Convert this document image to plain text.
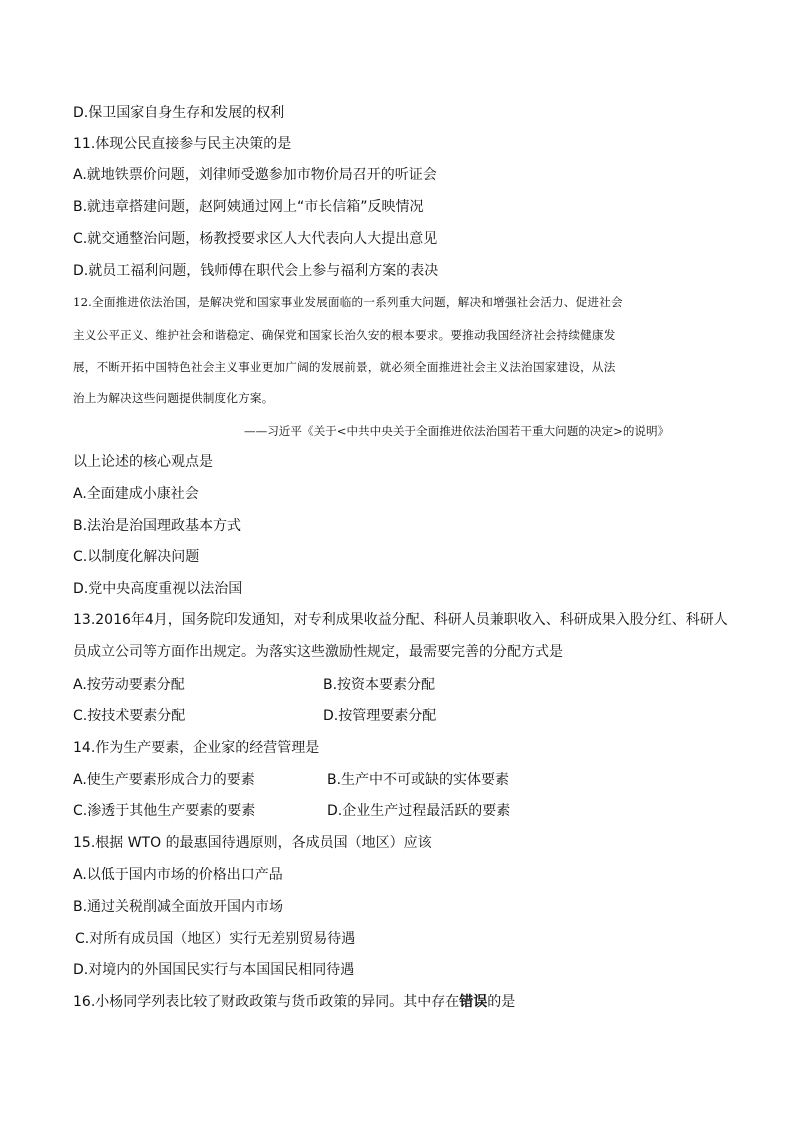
D.保卫国家自身生存和发展的权利
11.体现公民直接参与民主决策的是
A.就地铁票价问题，刘律师受邀参加市物价局召开的听证会
B.就违章搭建问题，赵阿姨通过网上“市长信箱”反映情况
C.就交通整治问题，杨教授要求区人大代表向人大提出意见
D.就员工福利问题，钱师傅在职代会上参与福利方案的表决
12.全面推进依法治国，是解决党和国家事业发展面临的一系列重大问题，解决和增强社会活力、促进社会
主义公平正义、维护社会和谐稳定、确保党和国家长治久安的根本要求。要推动我国经济社会持续健康发
展，不断开拓中国特色社会主义事业更加广阔的发展前景，就必须全面推进社会主义法治国家建设，从法
治上为解决这些问题提供制度化方案。
——习近平《关于<中共中央关于全面推进依法治国若干重大问题的决定>的说明》
以上论述的核心观点是
A.全面建成小康社会
B.法治是治国理政基本方式
C.以制度化解决问题
D.党中央高度重视以法治国
13.2016年4月，国务院印发通知，对专利成果收益分配、科研人员兼职收入、科研成果入股分红、科研人
员成立公司等方面作出规定。为落实这些激励性规定，最需要完善的分配方式是
A.按劳动要素分配	B.按资本要素分配
C.按技术要素分配	D.按管理要素分配
14.作为生产要素，企业家的经营管理是
A.使生产要素形成合力的要素	B.生产中不可或缺的实体要素
C.渗透于其他生产要素的要素	D.企业生产过程最活跃的要素
15.根据 WTO 的最惠国待遇原则，各成员国（地区）应该
A.以低于国内市场的价格出口产品
B.通过关税削减全面放开国内市场
C.对所有成员国（地区）实行无差别贸易待遇
D.对境内的外国国民实行与本国国民相同待遇
16.小杨同学列表比较了财政政策与货币政策的异同。其中存在错误的是
